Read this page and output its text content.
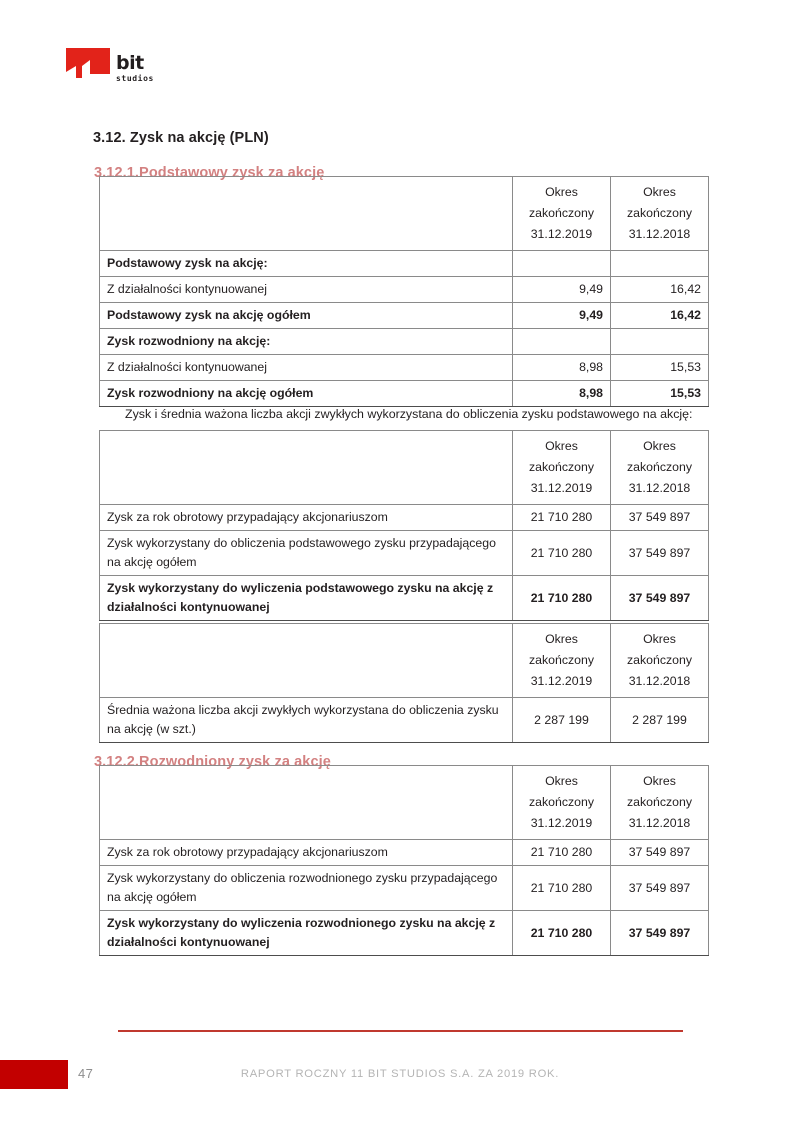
bit
studios
3.12. Zysk na akcję (PLN)
3.12.1.Podstawowy zysk za akcję
3.12.2.Rozwodniony zysk za akcję
	Okres
zakończony
31.12.2019	Okres
zakończony
31.12.2018
Podstawowy zysk na akcję:		
Z działalności kontynuowanej	9,49	16,42
Podstawowy zysk na akcję ogółem	9,49	16,42
Zysk rozwodniony na akcję:		
Z działalności kontynuowanej	8,98	15,53
Zysk rozwodniony na akcję ogółem	8,98	15,53

Zysk i średnia ważona liczba akcji zwykłych wykorzystana do obliczenia zysku podstawowego na akcję:

	Okres
zakończony
31.12.2019	Okres
zakończony
31.12.2018
Zysk za rok obrotowy przypadający akcjonariuszom	21 710 280	37 549 897
Zysk wykorzystany do obliczenia podstawowego zysku przypadającego na akcję ogółem	21 710 280	37 549 897
Zysk wykorzystany do wyliczenia podstawowego zysku na akcję z działalności kontynuowanej	21 710 280	37 549 897
	Okres
zakończony
31.12.2019	Okres
zakończony
31.12.2018
Średnia ważona liczba akcji zwykłych wykorzystana do obliczenia zysku na akcję (w szt.)	2 287 199	2 287 199
	Okres
zakończony
31.12.2019	Okres
zakończony
31.12.2018
Zysk za rok obrotowy przypadający akcjonariuszom	21 710 280	37 549 897
Zysk wykorzystany do obliczenia rozwodnionego zysku przypadającego na akcję ogółem	21 710 280	37 549 897
Zysk wykorzystany do wyliczenia rozwodnionego zysku na akcję z działalności kontynuowanej	21 710 280	37 549 897
47	RAPORT ROCZNY 11 BIT STUDIOS S.A. ZA 2019 ROK.
